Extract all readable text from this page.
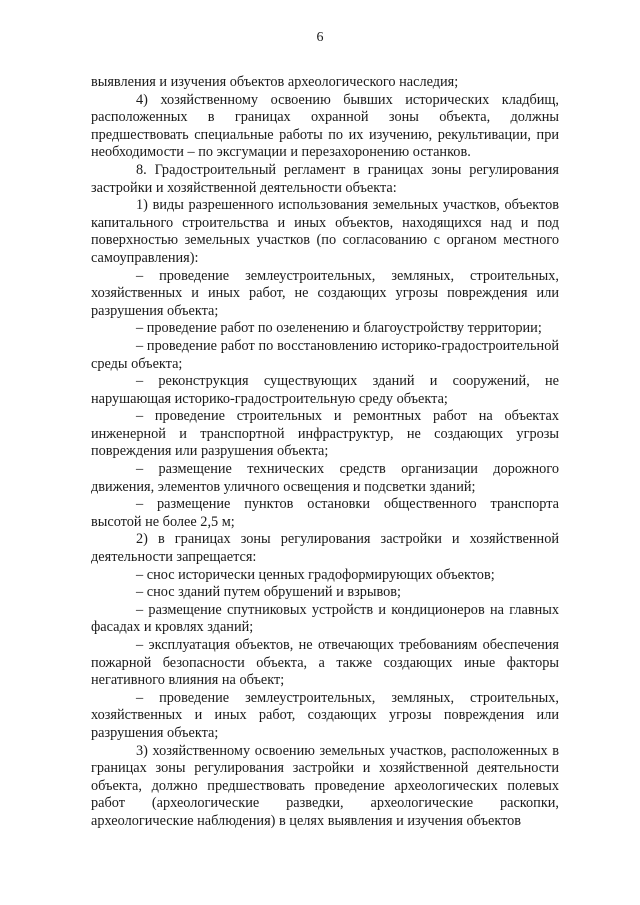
6

выявления и изучения объектов археологического наследия;

4) хозяйственному освоению бывших исторических кладбищ, расположенных в границах охранной зоны объекта, должны предшествовать специальные работы по их изучению, рекультивации, при необходимости – по эксгумации и перезахоронению останков.

8. Градостроительный регламент в границах зоны регулирования застройки и хозяйственной деятельности объекта:

1) виды разрешенного использования земельных участков, объектов капитального строительства и иных объектов, находящихся над и под поверхностью земельных участков (по согласованию с органом местного самоуправления):

– проведение землеустроительных, земляных, строительных, хозяйственных и иных работ, не создающих угрозы повреждения или разрушения объекта;

– проведение работ по озеленению и благоустройству территории;

– проведение работ по восстановлению историко-градостроительной среды объекта;

– реконструкция существующих зданий и сооружений, не нарушающая историко-градостроительную среду объекта;

– проведение строительных и ремонтных работ на объектах инженерной и транспортной инфраструктур, не создающих угрозы повреждения или разрушения объекта;

– размещение технических средств организации дорожного движения, элементов уличного освещения и подсветки зданий;

– размещение пунктов остановки общественного транспорта высотой не более 2,5 м;

2) в границах зоны регулирования застройки и хозяйственной деятельности запрещается:

– снос исторически ценных градоформирующих объектов;

– снос зданий путем обрушений и взрывов;

– размещение спутниковых устройств и кондиционеров на главных фасадах и кровлях зданий;

– эксплуатация объектов, не отвечающих требованиям обеспечения пожарной безопасности объекта, а также создающих иные факторы негативного влияния на объект;

– проведение землеустроительных, земляных, строительных, хозяйственных и иных работ, создающих угрозы повреждения или разрушения объекта;

3) хозяйственному освоению земельных участков, расположенных в границах зоны регулирования застройки и хозяйственной деятельности объекта, должно предшествовать проведение археологических полевых работ (археологические разведки, археологические раскопки, археологические наблюдения) в целях выявления и изучения объектов
